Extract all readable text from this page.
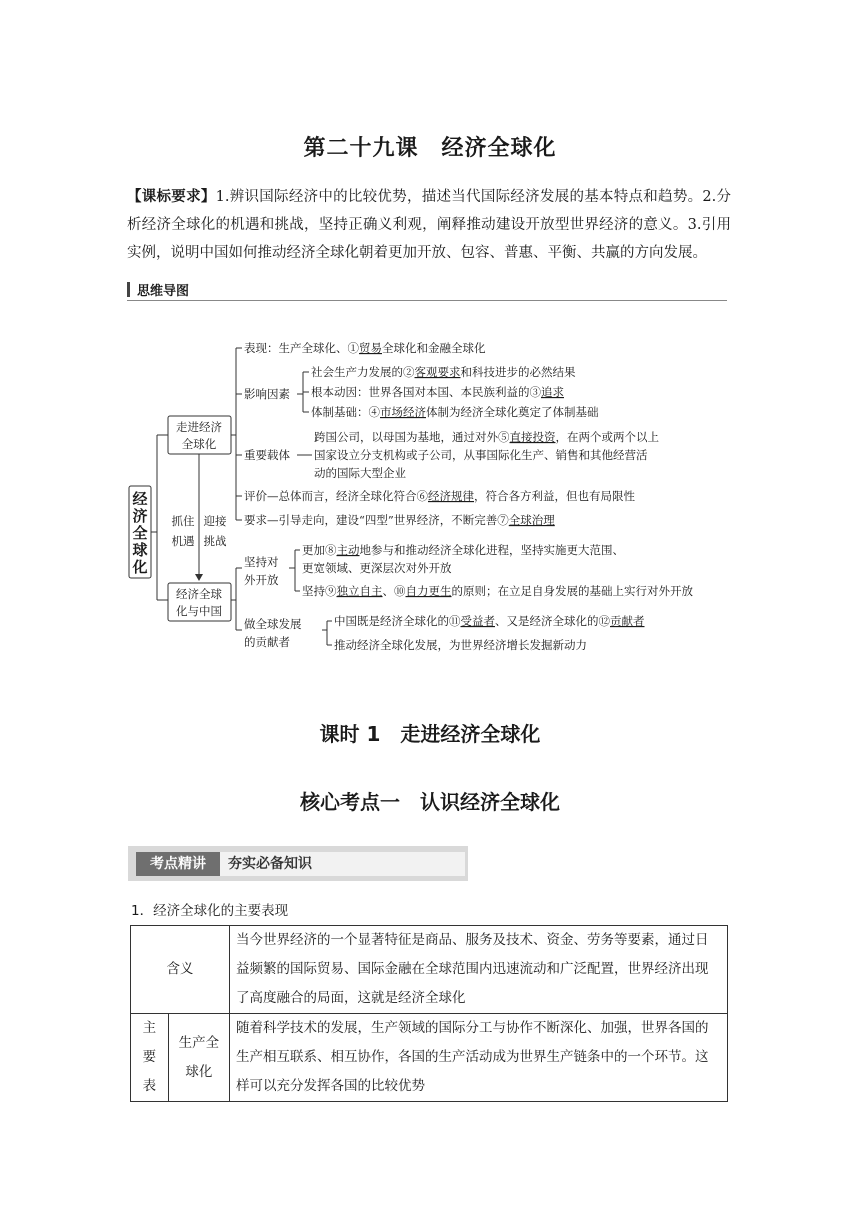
第二十九课　经济全球化
【课标要求】1.辨识国际经济中的比较优势，描述当代国际经济发展的基本特点和趋势。2.分析经济全球化的机遇和挑战，坚持正确义利观，阐释推动建设开放型世界经济的意义。3.引用实例，说明中国如何推动经济全球化朝着更加开放、包容、普惠、平衡、共赢的方向发展。
思维导图
经
济
全
球
化
走进经济
全球化
经济全球
化与中国
抓住
机遇
迎接
挑战
表现：生产全球化、①贸易全球化和金融全球化
影响因素
社会生产力发展的②客观要求和科技进步的必然结果
根本动因：世界各国对本国、本民族利益的③追求
体制基础：④市场经济体制为经济全球化奠定了体制基础
重要载体
跨国公司，以母国为基地，通过对外⑤直接投资，在两个或两个以上
国家设立分支机构或子公司，从事国际化生产、销售和其他经营活
动的国际大型企业
评价—总体而言，经济全球化符合⑥经济规律，符合各方利益，但也有局限性
要求—引导走向，建设“四型”世界经济，不断完善⑦全球治理
坚持对
外开放
更加⑧主动地参与和推动经济全球化进程，坚持实施更大范围、
更宽领域、更深层次对外开放
坚持⑨独立自主、⑩自力更生的原则；在立足自身发展的基础上实行对外开放
做全球发展
的贡献者
中国既是经济全球化的⑪受益者、又是经济全球化的⑫贡献者
推动经济全球化发展，为世界经济增长发掘新动力
课时 1　走进经济全球化
核心考点一　认识经济全球化
考点精讲	夯实必备知识
1．经济全球化的主要表现
含义		当今世界经济的一个显著特征是商品、服务及技术、资金、劳务等要素，通过日益频繁的国际贸易、国际金融在全球范围内迅速流动和广泛配置，世界经济出现了高度融合的局面，这就是经济全球化
主要表	生产全球化	随着科学技术的发展，生产领域的国际分工与协作不断深化、加强，世界各国的生产相互联系、相互协作，各国的生产活动成为世界生产链条中的一个环节。这样可以充分发挥各国的比较优势
